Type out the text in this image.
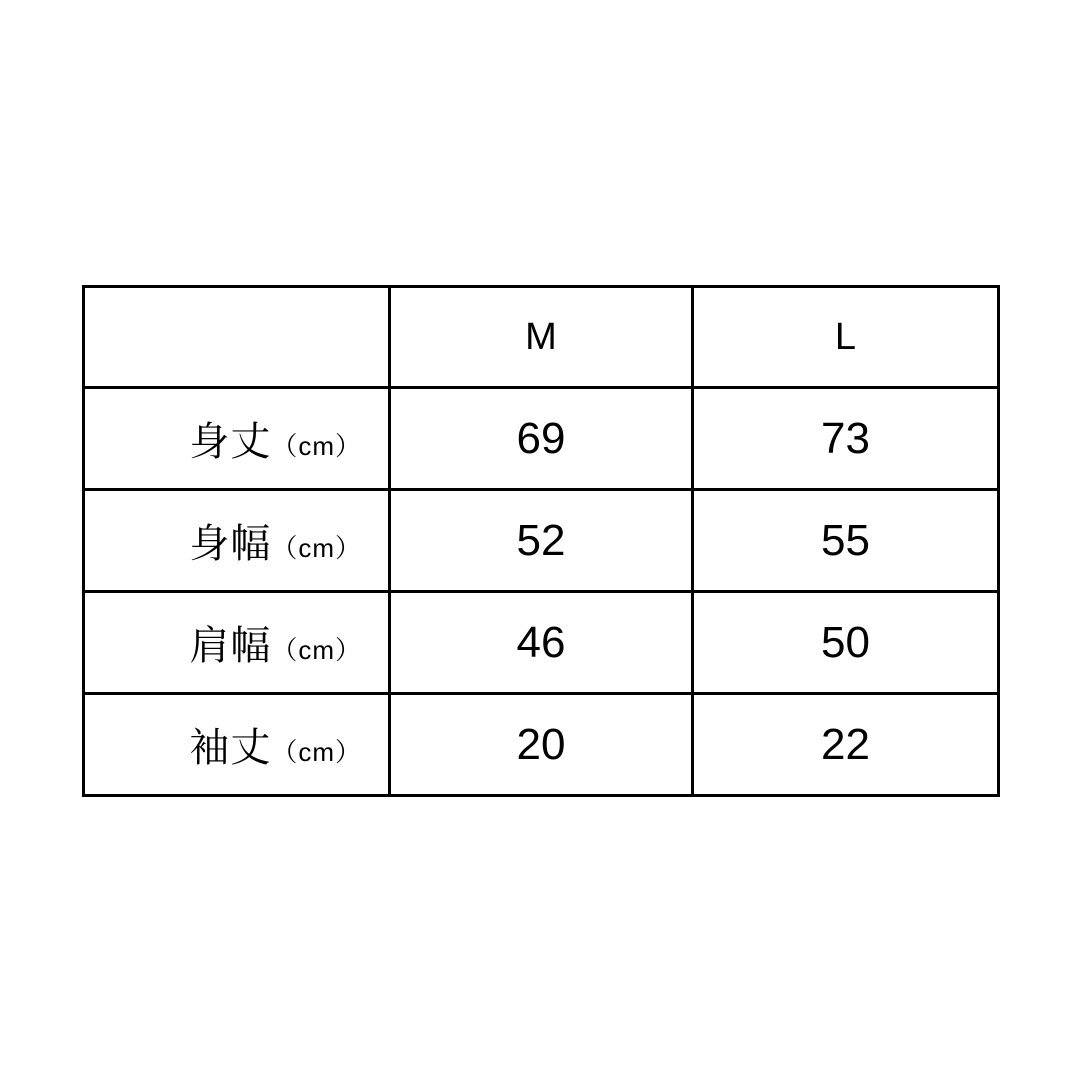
	M	L
身丈（cm）	69	73
身幅（cm）	52	55
肩幅（cm）	46	50
袖丈（cm）	20	22
